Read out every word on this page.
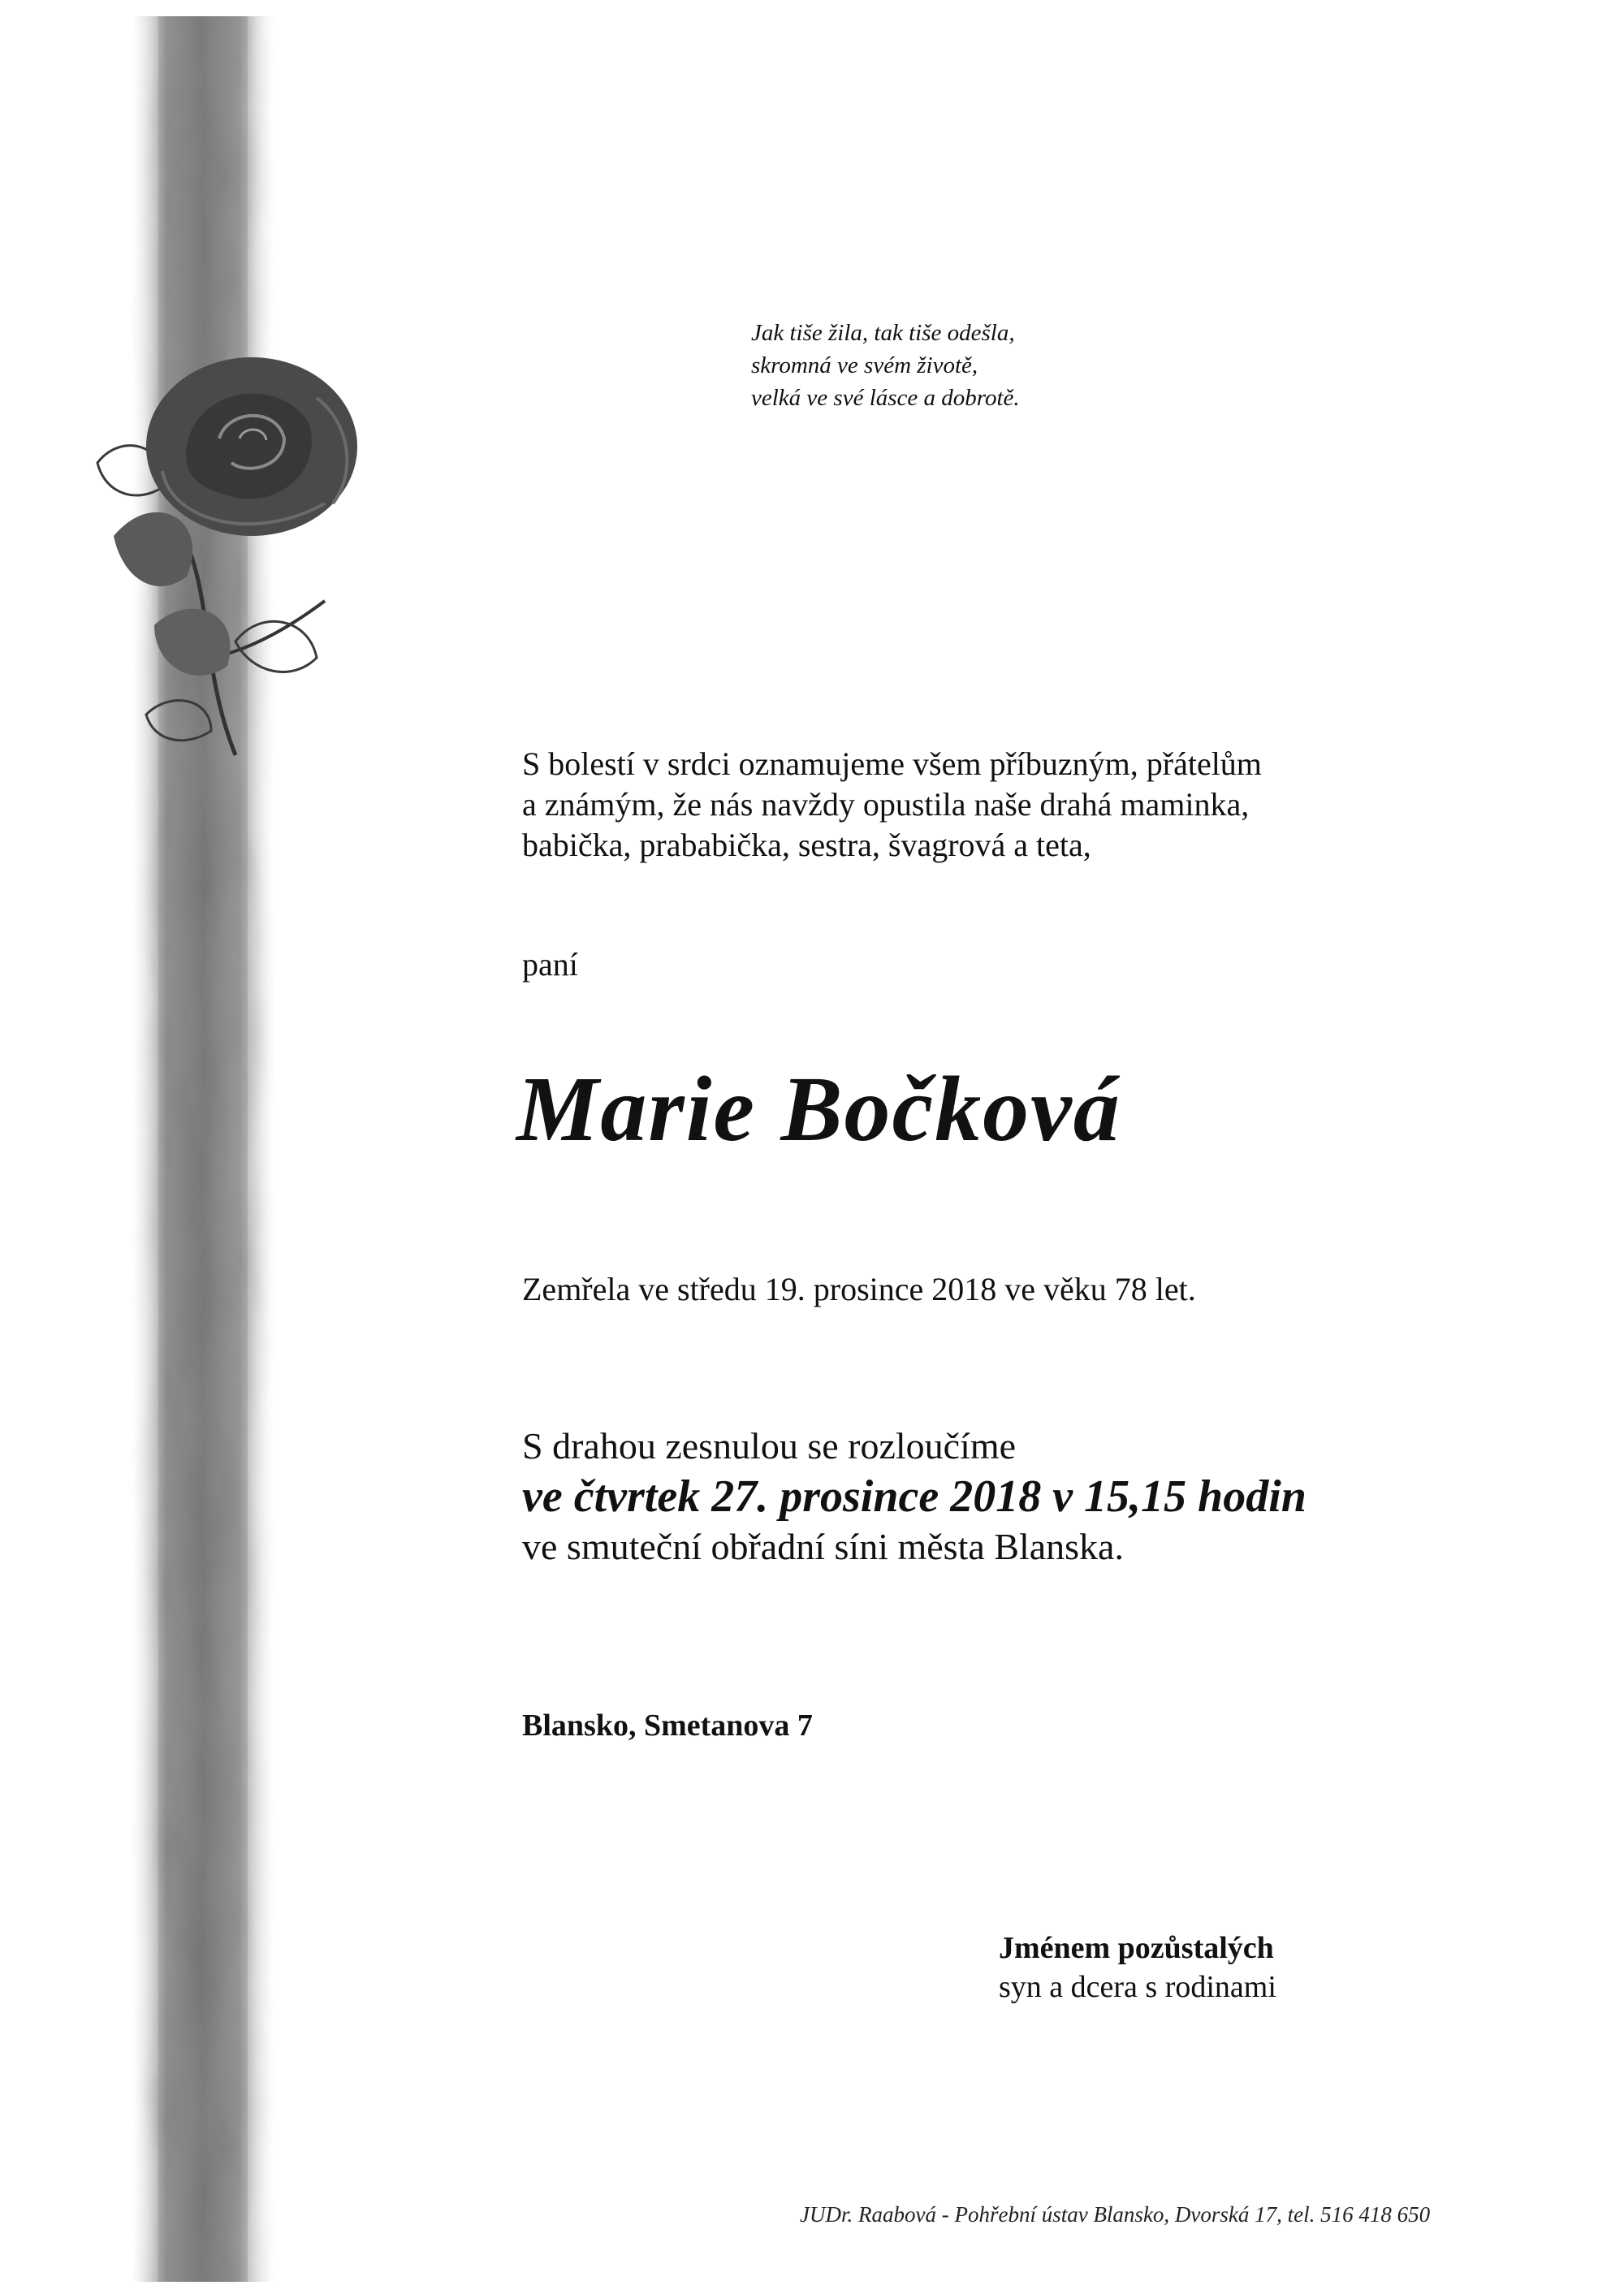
Jak tiše žila, tak tiše odešla,
skromná ve svém životě,
velká ve své lásce a dobrotě.
S bolestí v srdci oznamujeme všem příbuzným, přátelům
a známým, že nás navždy opustila naše drahá maminka,
babička, prababička, sestra, švagrová a teta,
paní
Marie Bočková
Zemřela ve středu 19. prosince 2018 ve věku 78 let.
S drahou zesnulou se rozloučíme
ve čtvrtek 27. prosince 2018 v 15,15 hodin
ve smuteční obřadní síni města Blanska.
Blansko, Smetanova 7
Jménem pozůstalých
syn a dcera s rodinami
JUDr. Raabová - Pohřební ústav Blansko, Dvorská 17, tel. 516 418 650
